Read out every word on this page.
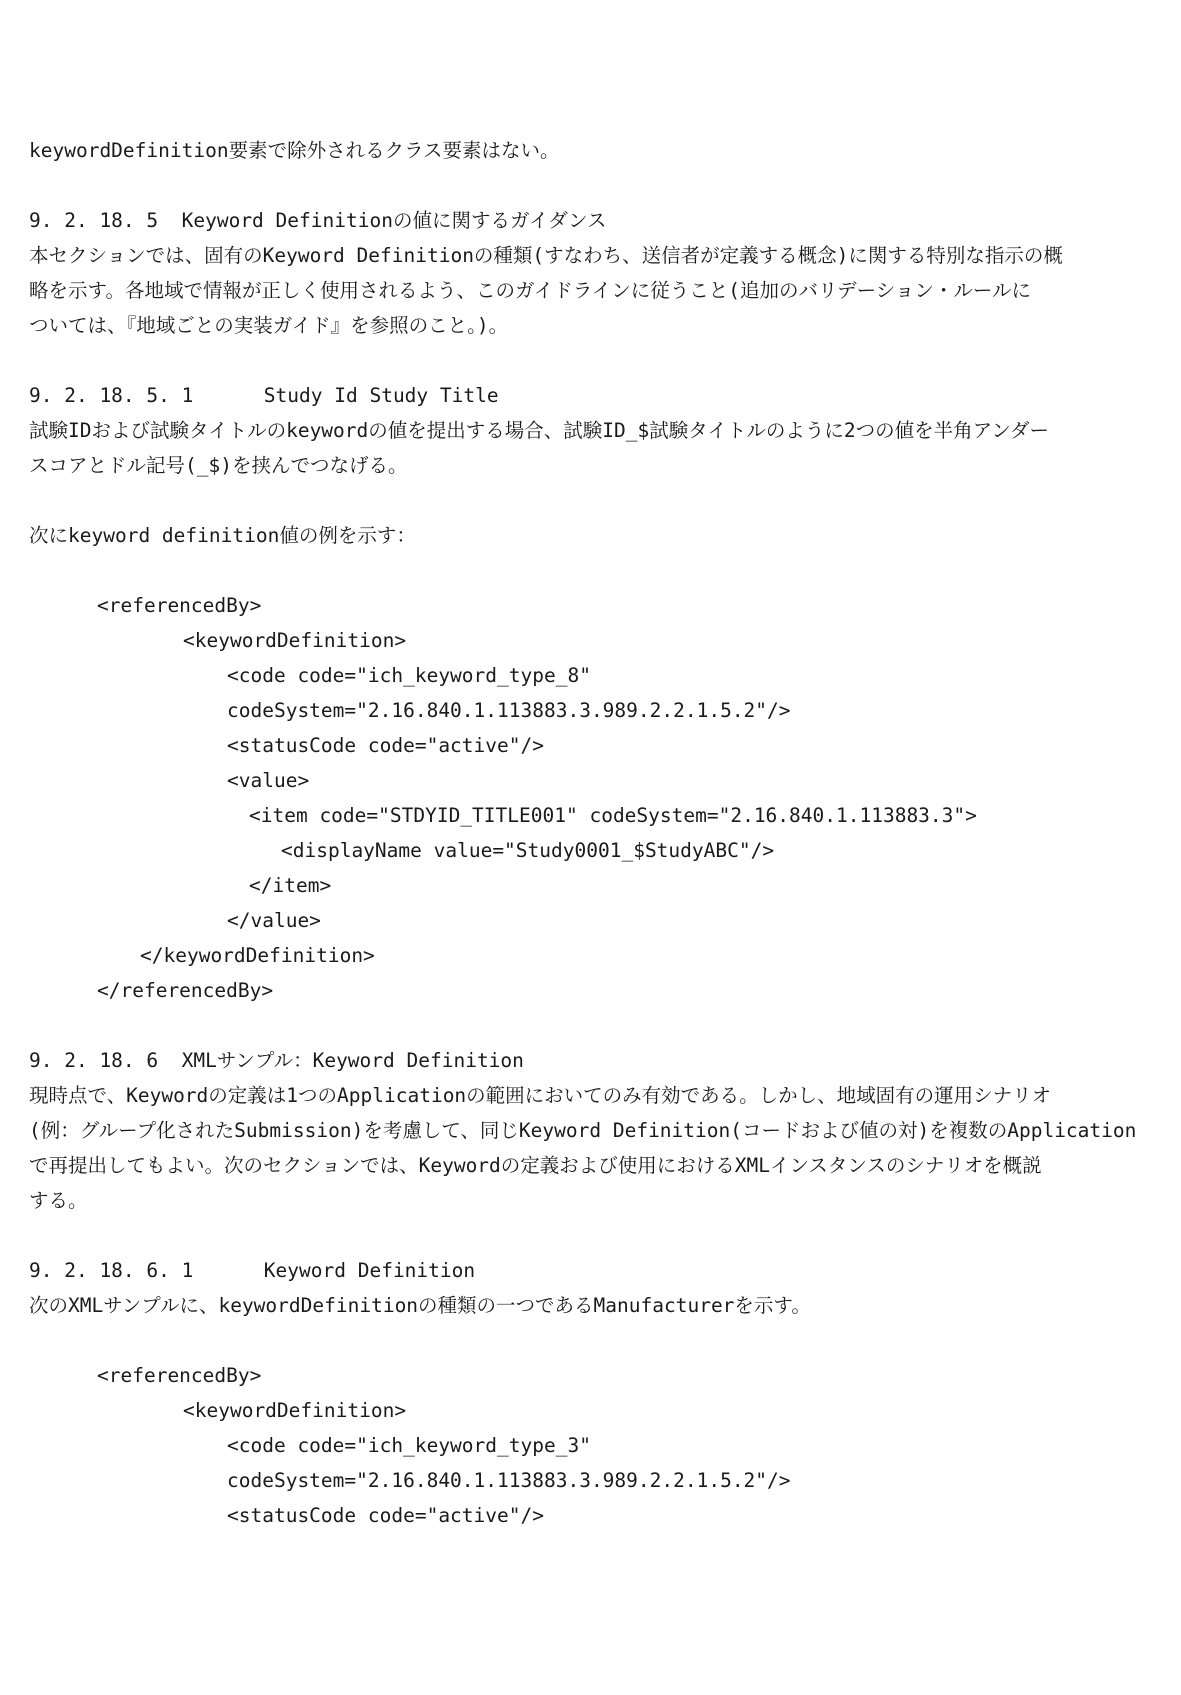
keywordDefinition要素で除外されるクラス要素はない。
9. 2. 18. 5  Keyword Definitionの値に関するガイダンス
本セクションでは、固有のKeyword Definitionの種類(すなわち、送信者が定義する概念)に関する特別な指示の概
略を示す。各地域で情報が正しく使用されるよう、このガイドラインに従うこと(追加のバリデーション・ルールに
ついては、『地域ごとの実装ガイド』を参照のこと。)。
9. 2. 18. 5. 1      Study Id Study Title
試験IDおよび試験タイトルのkeywordの値を提出する場合、試験ID_$試験タイトルのように2つの値を半角アンダー
スコアとドル記号(_$)を挟んでつなげる。
次にkeyword definition値の例を示す：
<referencedBy>
<keywordDefinition>
<code code="ich_keyword_type_8"
codeSystem="2.16.840.1.113883.3.989.2.2.1.5.2"/>
<statusCode code="active"/>
<value>
<item code="STDYID_TITLE001" codeSystem="2.16.840.1.113883.3">
<displayName value="Study0001_$StudyABC"/>
</item>
</value>
</keywordDefinition>
</referencedBy>
9. 2. 18. 6  XMLサンプル：Keyword Definition
現時点で、Keywordの定義は1つのApplicationの範囲においてのみ有効である。しかし、地域固有の運用シナリオ
(例：グループ化されたSubmission)を考慮して、同じKeyword Definition(コードおよび値の対)を複数のApplication
で再提出してもよい。次のセクションでは、Keywordの定義および使用におけるXMLインスタンスのシナリオを概説
する。
9. 2. 18. 6. 1      Keyword Definition
次のXMLサンプルに、keywordDefinitionの種類の一つであるManufacturerを示す。
<referencedBy>
<keywordDefinition>
<code code="ich_keyword_type_3"
codeSystem="2.16.840.1.113883.3.989.2.2.1.5.2"/>
<statusCode code="active"/>
